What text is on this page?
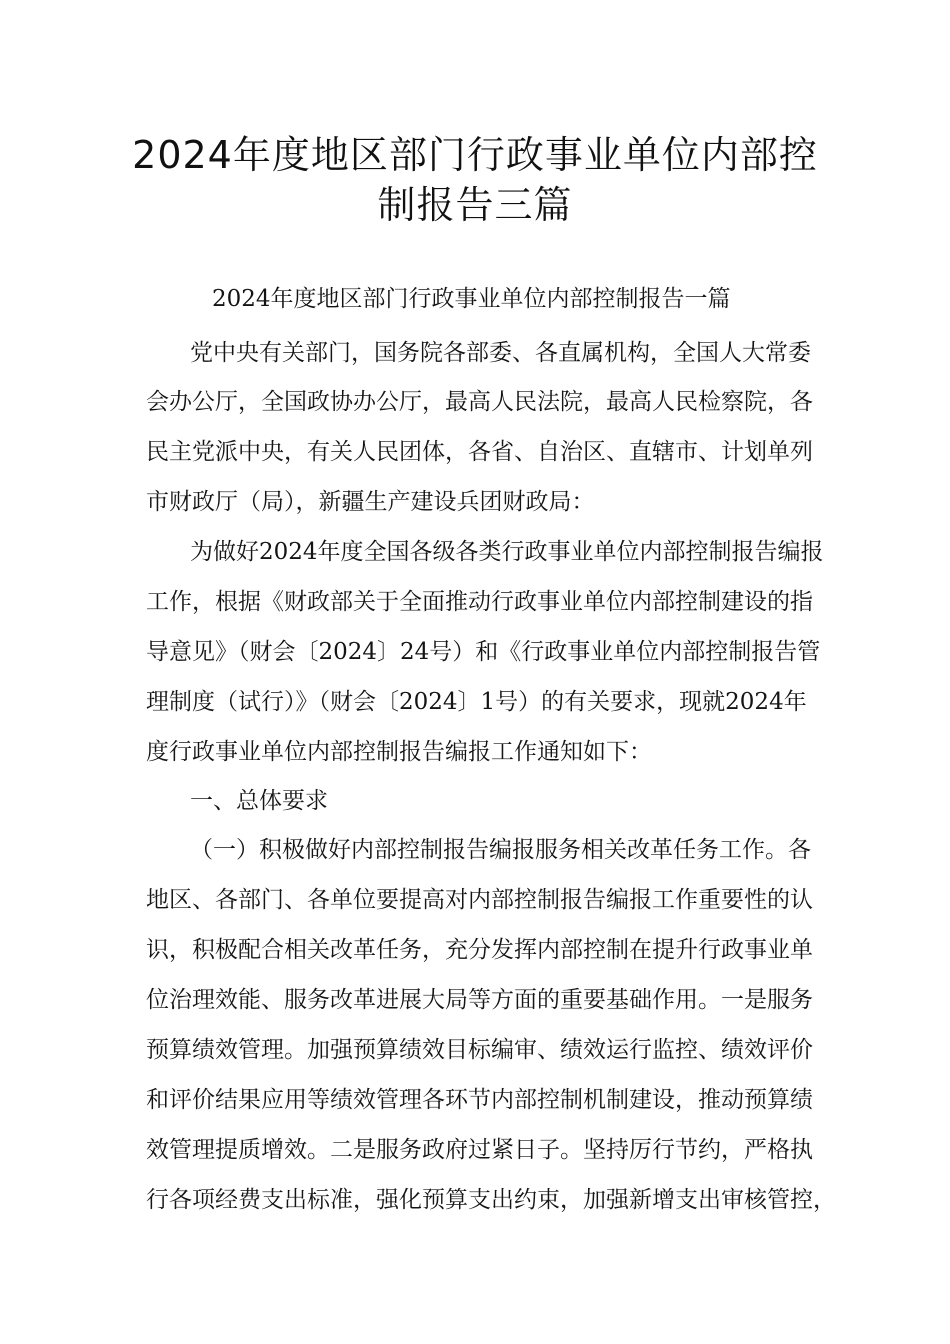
2024年度地区部门行政事业单位内部控
制报告三篇
2024年度地区部门行政事业单位内部控制报告一篇
党中央有关部门，国务院各部委、各直属机构，全国人大常委
会办公厅，全国政协办公厅，最高人民法院，最高人民检察院，各
民主党派中央，有关人民团体，各省、自治区、直辖市、计划单列
市财政厅（局），新疆生产建设兵团财政局：
为做好2024年度全国各级各类行政事业单位内部控制报告编报
工作，根据《财政部关于全面推动行政事业单位内部控制建设的指
导意见》（财会〔2024〕24号）和《行政事业单位内部控制报告管
理制度（试行）》（财会〔2024〕1号）的有关要求，现就2024年
度行政事业单位内部控制报告编报工作通知如下：
一、总体要求
（一）积极做好内部控制报告编报服务相关改革任务工作。各
地区、各部门、各单位要提高对内部控制报告编报工作重要性的认
识，积极配合相关改革任务，充分发挥内部控制在提升行政事业单
位治理效能、服务改革进展大局等方面的重要基础作用。一是服务
预算绩效管理。加强预算绩效目标编审、绩效运行监控、绩效评价
和评价结果应用等绩效管理各环节内部控制机制建设，推动预算绩
效管理提质增效。二是服务政府过紧日子。坚持厉行节约，严格执
行各项经费支出标准，强化预算支出约束，加强新增支出审核管控，
